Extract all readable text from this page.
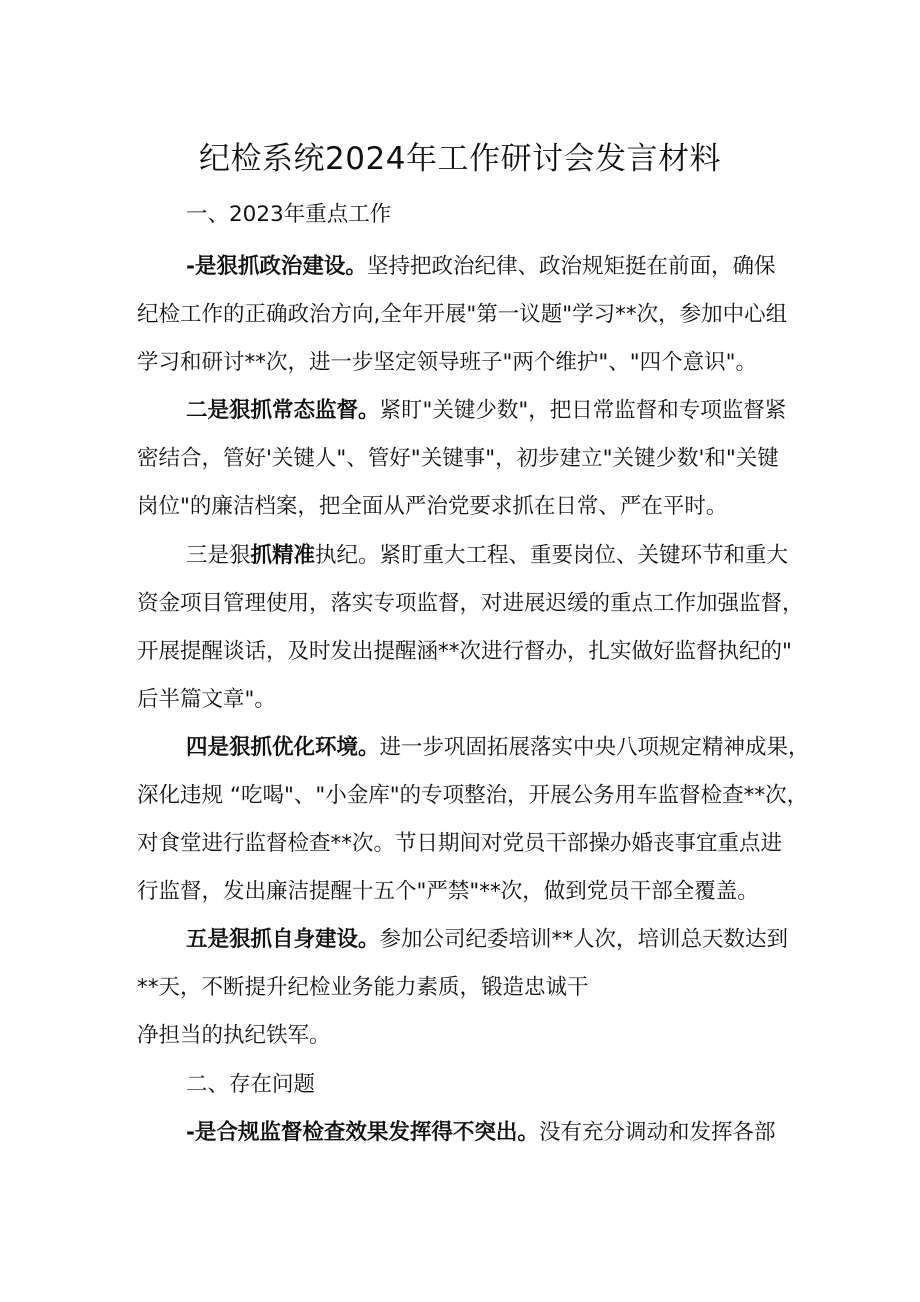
纪检系统2024年工作研讨会发言材料
一、2023年重点工作
-是狠抓政治建设。坚持把政治纪律、政治规矩挺在前面，确保
纪检工作的正确政治方向,全年开展"第一议题"学习**次，参加中心组
学习和研讨**次，进一步坚定领导班子"两个维护"、"四个意识"。
二是狠抓常态监督。紧盯"关键少数"，把日常监督和专项监督紧
密结合，管好'关键人"、管好"关键事"，初步建立"关键少数'和"关键
岗位"的廉洁档案，把全面从严治党要求抓在日常、严在平时。
三是狠抓精准执纪。紧盯重大工程、重要岗位、关键环节和重大
资金项目管理使用，落实专项监督，对进展迟缓的重点工作加强监督，
开展提醒谈话，及时发出提醒涵**次进行督办，扎实做好监督执纪的"
后半篇文章"。
四是狠抓优化环境。进一步巩固拓展落实中央八项规定精神成果，
深化违规 “吃喝"、"小金库"的专项整治，开展公务用车监督检查**次，
对食堂进行监督检查**次。节日期间对党员干部操办婚丧事宜重点进
行监督，发出廉洁提醒十五个"严禁"**次，做到党员干部全覆盖。
五是狠抓自身建设。参加公司纪委培训**人次，培训总天数达到
**天，不断提升纪检业务能力素质，锻造忠诚干
净担当的执纪铁军。
二、存在问题
-是合规监督检查效果发挥得不突出。没有充分调动和发挥各部
